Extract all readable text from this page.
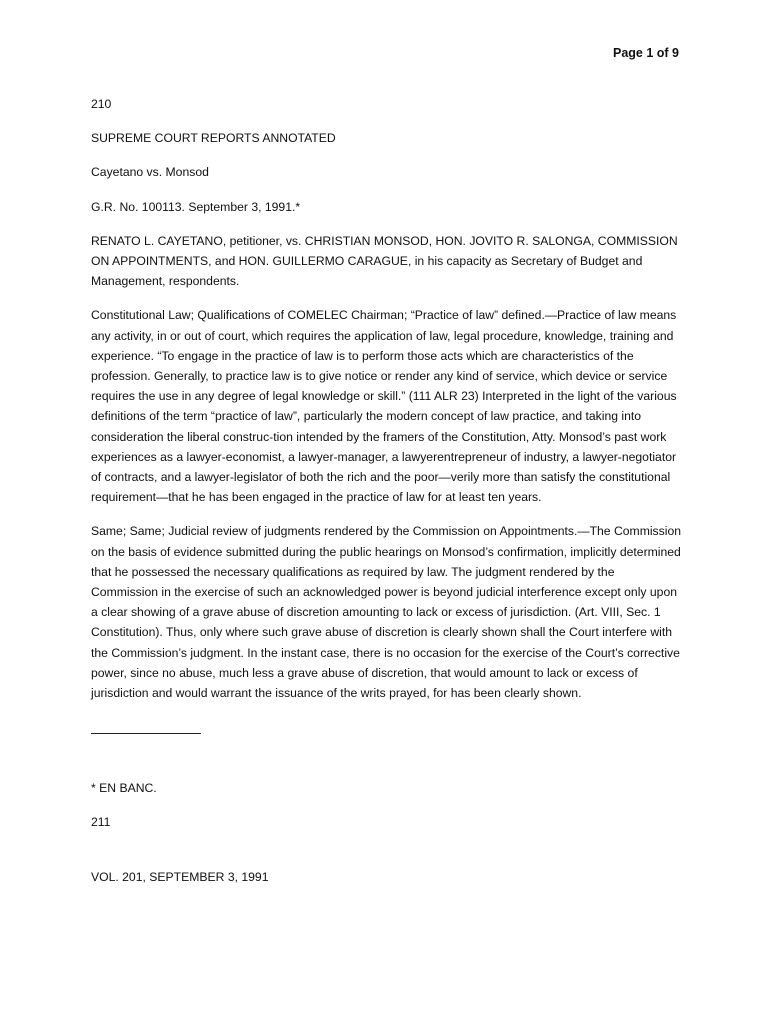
Page 1 of 9

210

SUPREME COURT REPORTS ANNOTATED

Cayetano vs. Monsod

G.R. No. 100113. September 3, 1991.*

RENATO L. CAYETANO, petitioner, vs. CHRISTIAN MONSOD, HON. JOVITO R. SALONGA, COMMISSION ON APPOINTMENTS, and HON. GUILLERMO CARAGUE, in his capacity as Secretary of Budget and Management, respondents.

Constitutional Law; Qualifications of COMELEC Chairman; “Practice of law” defined.—Practice of law means any activity, in or out of court, which requires the application of law, legal procedure, knowledge, training and experience. “To engage in the practice of law is to perform those acts which are characteristics of the profession. Generally, to practice law is to give notice or render any kind of service, which device or service requires the use in any degree of legal knowledge or skill.” (111 ALR 23) Interpreted in the light of the various definitions of the term “practice of law”, particularly the modern concept of law practice, and taking into consideration the liberal construc-tion intended by the framers of the Constitution, Atty. Monsod’s past work experiences as a lawyer-economist, a lawyer-manager, a lawyerentrepreneur of industry, a lawyer-negotiator of contracts, and a lawyer-legislator of both the rich and the poor—verily more than satisfy the constitutional requirement—that he has been engaged in the practice of law for at least ten years.

Same; Same; Judicial review of judgments rendered by the Commission on Appointments.—The Commission on the basis of evidence submitted during the public hearings on Monsod’s confirmation, implicitly determined that he possessed the necessary qualifications as required by law. The judgment rendered by the Commission in the exercise of such an acknowledged power is beyond judicial interference except only upon a clear showing of a grave abuse of discretion amounting to lack or excess of jurisdiction. (Art. VIII, Sec. 1 Constitution). Thus, only where such grave abuse of discretion is clearly shown shall the Court interfere with the Commission’s judgment. In the instant case, there is no occasion for the exercise of the Court’s corrective power, since no abuse, much less a grave abuse of discretion, that would amount to lack or excess of jurisdiction and would warrant the issuance of the writs prayed, for has been clearly shown.

* EN BANC.

211

VOL. 201, SEPTEMBER 3, 1991
